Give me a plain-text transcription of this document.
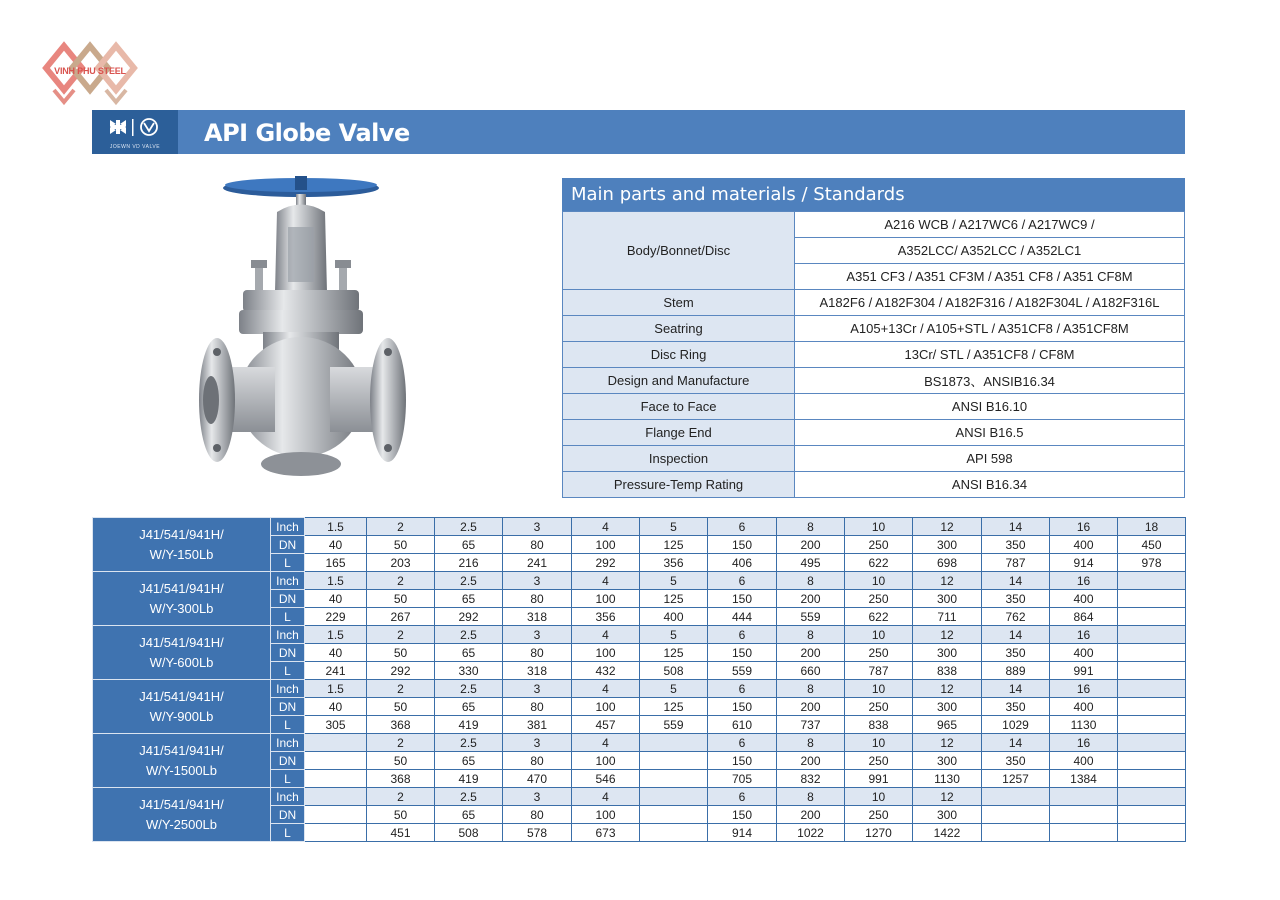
VINH PHU STEEL
JOEWN VD VALVE	API Globe Valve
Main parts and materials / Standards
Body/Bonnet/Disc	A216 WCB / A217WC6 / A217WC9 /
	A352LCC/ A352LCC / A352LC1
	A351 CF3 / A351 CF3M / A351 CF8 / A351 CF8M
Stem	A182F6 / A182F304 / A182F316 / A182F304L / A182F316L
Seatring	A105+13Cr / A105+STL / A351CF8 / A351CF8M
Disc Ring	13Cr/ STL / A351CF8 / CF8M
Design and Manufacture	BS1873、ANSIB16.34
Face to Face	ANSI B16.10
Flange End	ANSI B16.5
Inspection	API 598
Pressure-Temp Rating	ANSI B16.34
J41/541/941H/
W/Y-150Lb	Inch	1.5	2	2.5	3	4	5	6	8	10	12	14	16	18
	DN	40	50	65	80	100	125	150	200	250	300	350	400	450
	L	165	203	216	241	292	356	406	495	622	698	787	914	978

J41/541/941H/
W/Y-300Lb	Inch	1.5	2	2.5	3	4	5	6	8	10	12	14	16	
	DN	40	50	65	80	100	125	150	200	250	300	350	400	
	L	229	267	292	318	356	400	444	559	622	711	762	864	

J41/541/941H/
W/Y-600Lb	Inch	1.5	2	2.5	3	4	5	6	8	10	12	14	16	
	DN	40	50	65	80	100	125	150	200	250	300	350	400	
	L	241	292	330	318	432	508	559	660	787	838	889	991	

J41/541/941H/
W/Y-900Lb	Inch	1.5	2	2.5	3	4	5	6	8	10	12	14	16	
	DN	40	50	65	80	100	125	150	200	250	300	350	400	
	L	305	368	419	381	457	559	610	737	838	965	1029	1130	

J41/541/941H/
W/Y-1500Lb	Inch		2	2.5	3	4		6	8	10	12	14	16	
	DN		50	65	80	100		150	200	250	300	350	400	
	L		368	419	470	546		705	832	991	1130	1257	1384	

J41/541/941H/
W/Y-2500Lb	Inch		2	2.5	3	4		6	8	10	12			
	DN		50	65	80	100		150	200	250	300			
	L		451	508	578	673		914	1022	1270	1422			
